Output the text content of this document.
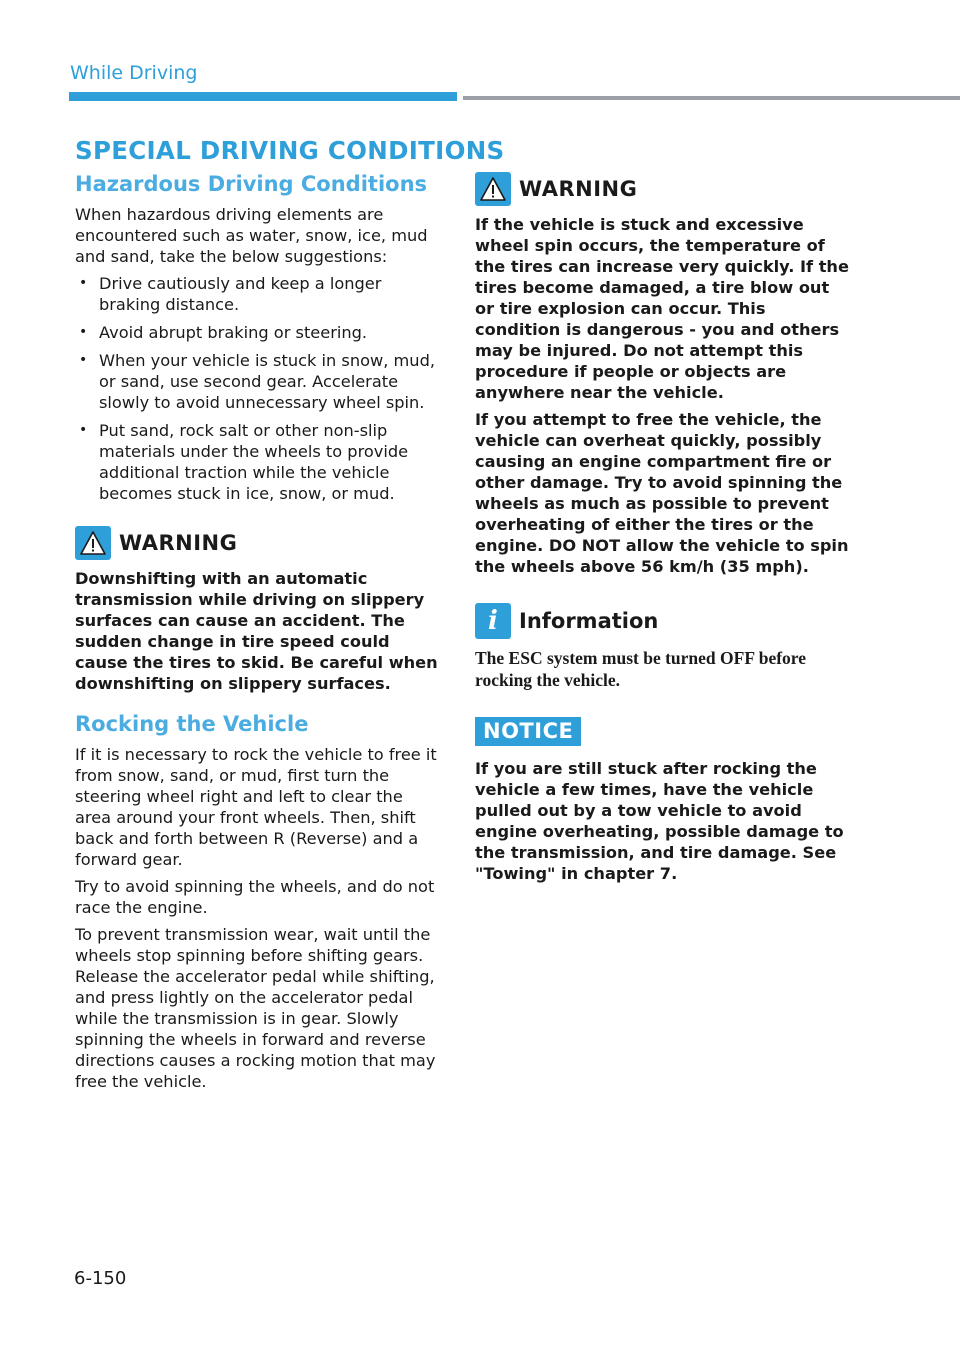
While Driving
SPECIAL DRIVING CONDITIONS
Hazardous Driving Conditions

When hazardous driving elements are encountered such as water, snow, ice, mud and sand, take the below suggestions:

• Drive cautiously and keep a longer braking distance.
• Avoid abrupt braking or steering.
• When your vehicle is stuck in snow, mud, or sand, use second gear. Accelerate slowly to avoid unnecessary wheel spin.
• Put sand, rock salt or other non-slip materials under the wheels to provide additional traction while the vehicle becomes stuck in ice, snow, or mud.
WARNING

Downshifting with an automatic transmission while driving on slippery surfaces can cause an accident. The sudden change in tire speed could cause the tires to skid. Be careful when downshifting on slippery surfaces.

Rocking the Vehicle

If it is necessary to rock the vehicle to free it from snow, sand, or mud, first turn the steering wheel right and left to clear the area around your front wheels. Then, shift back and forth between R (Reverse) and a forward gear.

Try to avoid spinning the wheels, and do not race the engine.

To prevent transmission wear, wait until the wheels stop spinning before shifting gears. Release the accelerator pedal while shifting, and press lightly on the accelerator pedal while the transmission is in gear. Slowly spinning the wheels in forward and reverse directions causes a rocking motion that may free the vehicle.

WARNING

If the vehicle is stuck and excessive wheel spin occurs, the temperature of the tires can increase very quickly. If the tires become damaged, a tire blow out or tire explosion can occur. This condition is dangerous - you and others may be injured. Do not attempt this procedure if people or objects are anywhere near the vehicle.

If you attempt to free the vehicle, the vehicle can overheat quickly, possibly causing an engine compartment fire or other damage. Try to avoid spinning the wheels as much as possible to prevent overheating of either the tires or the engine. DO NOT allow the vehicle to spin the wheels above 56 km/h (35 mph).

i	Information

The ESC system must be turned OFF before rocking the vehicle.

NOTICE

If you are still stuck after rocking the vehicle a few times, have the vehicle pulled out by a tow vehicle to avoid engine overheating, possible damage to the transmission, and tire damage. See "Towing" in chapter 7.

6-150
